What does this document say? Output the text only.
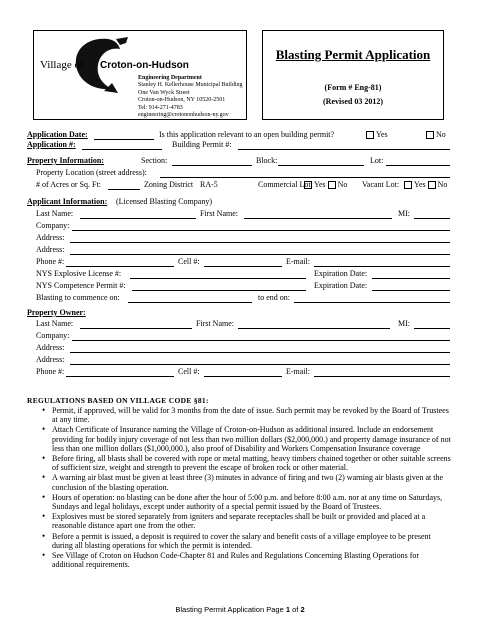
Village of Croton-on-Hudson
Engineering Department
Stanley H. Kellerhouse Municipal Building
One Van Wyck Street
Croton-on-Hudson, NY 10520-2501
Tel: 914-271-4783
engineering@crotononhudson-ny.gov
Blasting Permit Application
(Form # Eng-81)
(Revised 03 2012)
Application Date:	Is this application relevant to an open building permit?	Yes	No
Application #:	Building Permit #:
Property Information:	Section:	Block:	Lot:
Property Location (street address):
# of Acres or Sq. Ft:	Zoning District RA-5	Commercial Lot: Yes No Vacant Lot:	Yes No
Applicant Information: (Licensed Blasting Company)
Last Name:	First Name:	MI:
Company:
Address:
Address:
Phone #:	Cell #:	E-mail:
NYS Explosive License #:	Expiration Date:
NYS Competence Permit #:	Expiration Date:
Blasting to commence on:	to end on:
Property Owner:
Last Name:	First Name:	MI:
Company:
Address:
Address:
Phone #:	Cell #:	E-mail:
REGULATIONS BASED ON VILLAGE CODE §81:
• Permit, if approved, will be valid for 3 months from the date of issue. Such permit may be revoked by the Board of Trustees at any time.
• Attach Certificate of Insurance naming the Village of Croton-on-Hudson as additional insured. Include an endorsement providing for bodily injury coverage of not less than two million dollars ($2,000,000.) and property damage insurance of not less than one million dollars ($1,000,000.), also proof of Disability and Workers Compensation Insurance coverage
• Before firing, all blasts shall be covered with rope or metal matting, heavy timbers chained together or other suitable screens of sufficient size, weight and strength to prevent the escape of broken rock or other material.
• A warning air blast must be given at least three (3) minutes in advance of firing and two (2) warning air blasts given at the conclusion of the blasting operation.
• Hours of operation: no blasting can be done after the hour of 5:00 p.m. and before 8:00 a.m. nor at any time on Saturdays, Sundays and legal holidays, except under authority of a special permit issued by the Board of Trustees.
• Explosives must be stored separately from igniters and separate receptacles shall be built or provided and placed at a reasonable distance apart one from the other.
• Before a permit is issued, a deposit is required to cover the salary and benefit costs of a village employee to be present during all blasting operations for which the permit is intended.
• See Village of Croton on Hudson Code-Chapter 81 and Rules and Regulations Concerning Blasting Operations for additional requirements.
Blasting Permit Application Page 1 of 2
